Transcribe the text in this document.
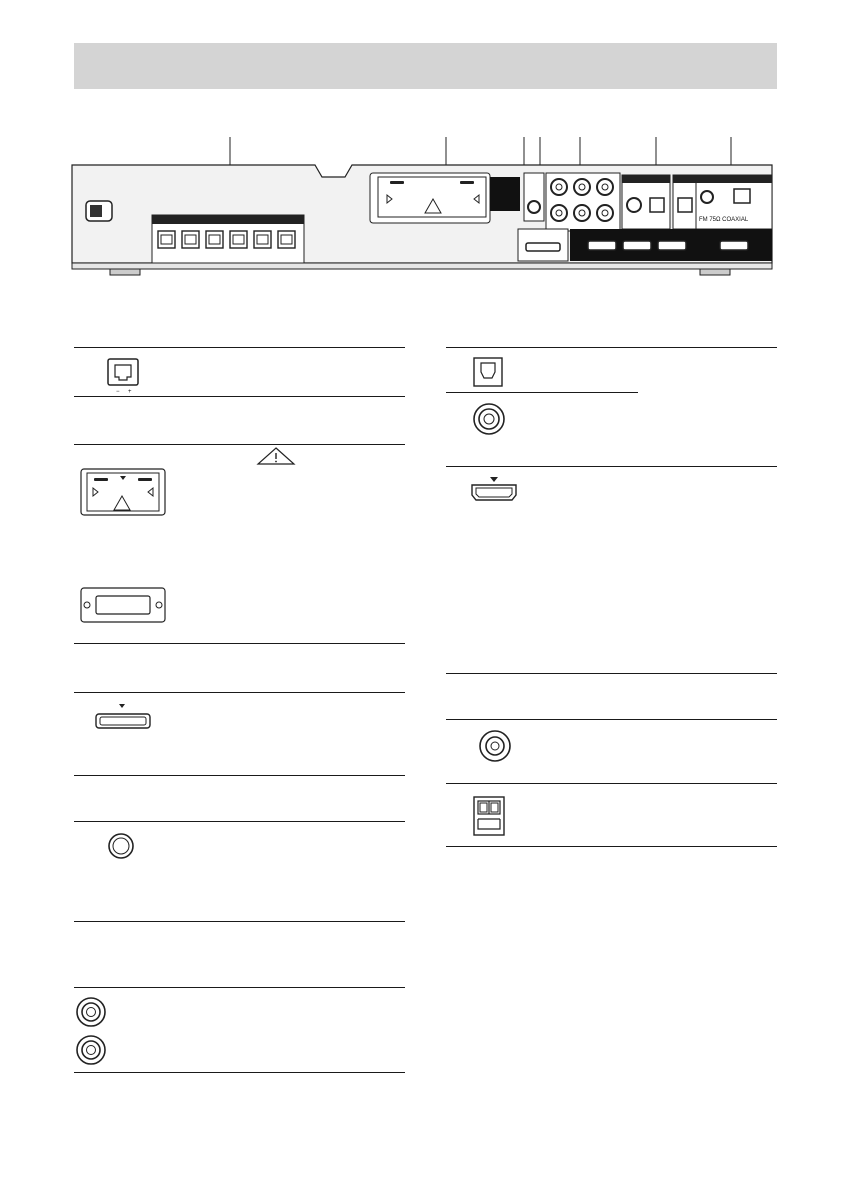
FM 75Ω COAXIAL
− +
